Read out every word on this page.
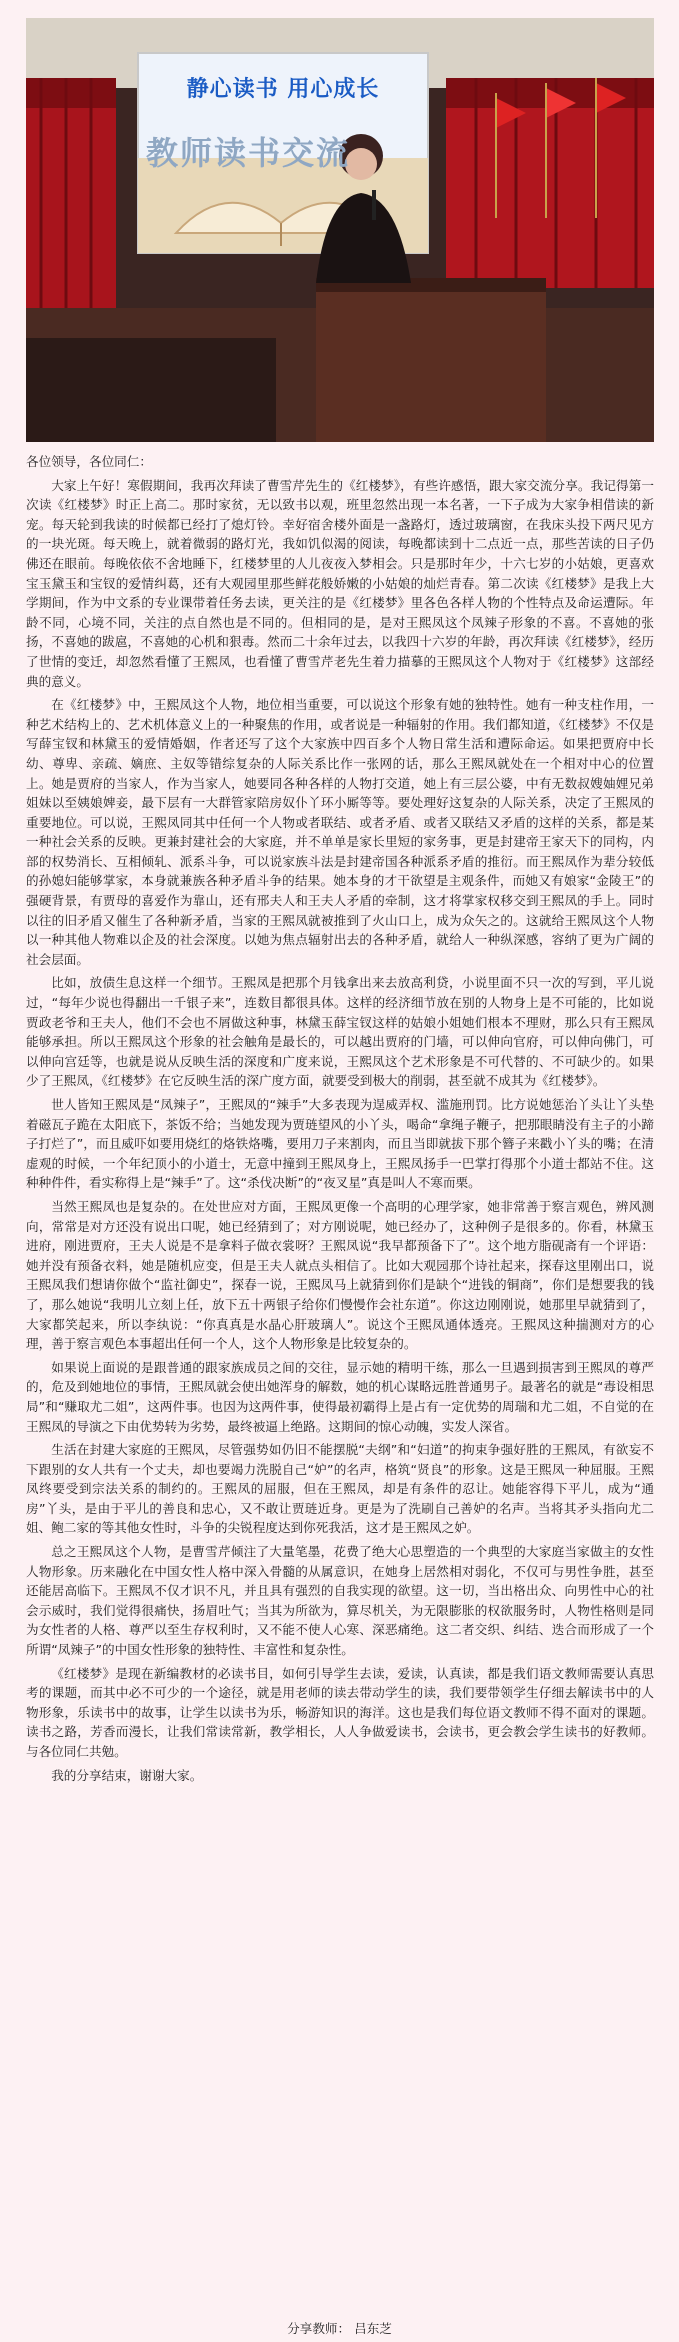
静心读书 用心成长
教师读书交流

各位领导，各位同仁：

大家上午好！寒假期间，我再次拜读了曹雪芹先生的《红楼梦》，有些许感悟，跟大家交流分享。我记得第一次读《红楼梦》时正上高二。那时家贫，无以致书以观，班里忽然出现一本名著，一下子成为大家争相借读的新宠。每天轮到我读的时候都已经打了熄灯铃。幸好宿舍楼外面是一盏路灯，透过玻璃窗，在我床头投下两尺见方的一块光斑。每天晚上，就着微弱的路灯光，我如饥似渴的阅读，每晚都读到十二点近一点，那些苦读的日子仍佛还在眼前。每晚依依不舍地睡下，红楼梦里的人儿夜夜入梦相会。只是那时年少，十六七岁的小姑娘，更喜欢宝玉黛玉和宝钗的爱情纠葛，还有大观园里那些鲜花般娇嫩的小姑娘的灿烂青春。第二次读《红楼梦》是我上大学期间，作为中文系的专业课带着任务去读，更关注的是《红楼梦》里各色各样人物的个性特点及命运遭际。年龄不同，心境不同，关注的点自然也是不同的。但相同的是，是对王熙凤这个凤辣子形象的不喜。不喜她的张扬，不喜她的跋扈，不喜她的心机和狠毒。然而二十余年过去，以我四十六岁的年龄，再次拜读《红楼梦》，经历了世情的变迁，却忽然看懂了王熙凤，也看懂了曹雪芹老先生着力描摹的王熙凤这个人物对于《红楼梦》这部经典的意义。

在《红楼梦》中，王熙凤这个人物，地位相当重要，可以说这个形象有她的独特性。她有一种支柱作用，一种艺术结构上的、艺术机体意义上的一种聚焦的作用，或者说是一种辐射的作用。我们都知道，《红楼梦》不仅是写薛宝钗和林黛玉的爱情婚姻，作者还写了这个大家族中四百多个人物日常生活和遭际命运。如果把贾府中长幼、尊卑、亲疏、嫡庶、主奴等错综复杂的人际关系比作一张网的话，那么王熙凤就处在一个相对中心的位置上。她是贾府的当家人，作为当家人，她要同各种各样的人物打交道，她上有三层公婆，中有无数叔嫂妯娌兄弟姐妹以至姨娘婢妾，最下层有一大群管家陪房奴仆丫环小厮等等。要处理好这复杂的人际关系，决定了王熙凤的重要地位。可以说，王熙凤同其中任何一个人物或者联结、或者矛盾、或者又联结又矛盾的这样的关系，都是某一种社会关系的反映。更兼封建社会的大家庭，并不单单是家长里短的家务事，更是封建帝王家天下的同构，内部的权势消长、互相倾轧、派系斗争，可以说家族斗法是封建帝国各种派系矛盾的推衍。而王熙凤作为辈分较低的孙媳妇能够掌家，本身就兼族各种矛盾斗争的结果。她本身的才干欲望是主观条件，而她又有娘家“金陵王”的强硬背景，有贾母的喜爱作为靠山，还有邢夫人和王夫人矛盾的牵制，这才将掌家权移交到王熙凤的手上。同时以往的旧矛盾又催生了各种新矛盾，当家的王熙凤就被推到了火山口上，成为众矢之的。这就给王熙凤这个人物以一种其他人物难以企及的社会深度。以她为焦点辐射出去的各种矛盾，就给人一种纵深感，容纳了更为广阔的社会层面。

比如，放债生息这样一个细节。王熙凤是把那个月钱拿出来去放高利贷，小说里面不只一次的写到，平儿说过，“每年少说也得翻出一千银子来”，连数目都很具体。这样的经济细节放在别的人物身上是不可能的，比如说贾政老爷和王夫人，他们不会也不屑做这种事，林黛玉薛宝钗这样的姑娘小姐她们根本不理财，那么只有王熙凤能够承担。所以王熙凤这个形象的社会触角是最长的，可以越出贾府的门墙，可以伸向官府，可以伸向佛门，可以伸向宫廷等，也就是说从反映生活的深度和广度来说，王熙凤这个艺术形象是不可代替的、不可缺少的。如果少了王熙凤，《红楼梦》在它反映生活的深广度方面，就要受到极大的削弱，甚至就不成其为《红楼梦》。

世人皆知王熙凤是“凤辣子”，王熙凤的“辣手”大多表现为逞威弄权、滥施刑罚。比方说她惩治丫头让丫头垫着磁瓦子跪在太阳底下，茶饭不给；当她发现为贾琏望风的小丫头，喝命“拿绳子鞭子，把那眼睛没有主子的小蹄子打烂了”，而且威吓如要用烧红的烙铁烙嘴，要用刀子来割肉，而且当即就拔下那个簪子来戳小丫头的嘴；在清虚观的时候，一个年纪顶小的小道士，无意中撞到王熙凤身上，王熙凤扬手一巴掌打得那个小道士都站不住。这种种件件，看实称得上是“辣手”了。这“杀伐决断”的“夜叉星”真是叫人不寒而栗。

当然王熙凤也是复杂的。在处世应对方面，王熙凤更像一个高明的心理学家，她非常善于察言观色，辨风测向，常常是对方还没有说出口呢，她已经猜到了；对方刚说呢，她已经办了，这种例子是很多的。你看，林黛玉进府，刚进贾府，王夫人说是不是拿料子做衣裳呀？王熙凤说“我早都预备下了”。这个地方脂砚斋有一个评语：她并没有预备衣料，她是随机应变，但是王夫人就点头相信了。比如大观园那个诗社起来，探春这里刚出口，说王熙凤我们想请你做个“监社御史”，探春一说，王熙凤马上就猜到你们是缺个“进钱的铜商”，你们是想要我的钱了，那么她说“我明儿立刻上任，放下五十两银子给你们慢慢作会社东道”。你这边刚刚说，她那里早就猜到了，大家都笑起来，所以李纨说：“你真真是水晶心肝玻璃人”。说这个王熙凤通体透亮。王熙凤这种揣测对方的心理，善于察言观色本事超出任何一个人，这个人物形象是比较复杂的。

如果说上面说的是跟普通的跟家族成员之间的交往，显示她的精明干练，那么一旦遇到损害到王熙凤的尊严的，危及到她地位的事情，王熙凤就会使出她浑身的解数，她的机心谋略远胜普通男子。最著名的就是“毒设相思局”和“赚取尤二姐”，这两件事。也因为这两件事，使得最初霸得上是占有一定优势的周瑞和尤二姐，不自觉的在王熙凤的导演之下由优势转为劣势，最终被逼上绝路。这期间的惊心动魄，实发人深省。

生活在封建大家庭的王熙凤，尽管强势如仍旧不能摆脱“夫纲”和“妇道”的拘束争强好胜的王熙凤，有欲妄不下跟别的女人共有一个丈夫，却也要竭力洗脱自己“妒”的名声，格筑“贤良”的形象。这是王熙凤一种屈服。王熙凤终要受到宗法关系的制约的。王熙凤的屈服，但在王熙凤，却是有条件的忍让。她能容得下平儿，成为“通房”丫头，是由于平儿的善良和忠心，又不敢让贾琏近身。更是为了洗刷自己善妒的名声。当将其矛头指向尤二姐、鲍二家的等其他女性时，斗争的尖锐程度达到你死我活，这才是王熙凤之妒。

总之王熙凤这个人物，是曹雪芹倾注了大量笔墨，花费了绝大心思塑造的一个典型的大家庭当家做主的女性人物形象。历来融化在中国女性人格中深入骨髓的从属意识，在她身上居然相对弱化，不仅可与男性争胜，甚至还能居高临下。王熙凤不仅才识不凡，并且具有强烈的自我实现的欲望。这一切，当出格出众、向男性中心的社会示威时，我们觉得很痛快，扬眉吐气；当其为所欲为，算尽机关，为无限膨胀的权欲服务时，人物性格则是同为女性者的人格、尊严以至生存权利时，又不能不使人心寒、深恶痛绝。这二者交织、纠结、迭合而形成了一个所谓“凤辣子”的中国女性形象的独特性、丰富性和复杂性。

《红楼梦》是现在新编教材的必读书目，如何引导学生去读，爱读，认真读，都是我们语文教师需要认真思考的课题，而其中必不可少的一个途径，就是用老师的读去带动学生的读，我们要带领学生仔细去解读书中的人物形象，乐读书中的故事，让学生以读书为乐，畅游知识的海洋。这也是我们每位语文教师不得不面对的课题。读书之路，芳香而漫长，让我们常读常新，教学相长，人人争做爱读书，会读书，更会教会学生读书的好教师。与各位同仁共勉。

我的分享结束，谢谢大家。

分享教师： 吕东芝
